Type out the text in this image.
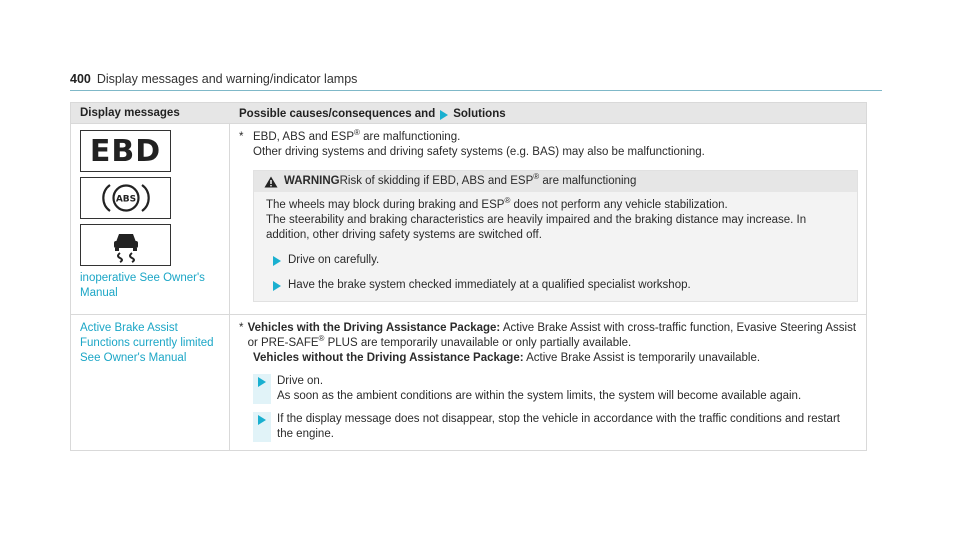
400 Display messages and warning/indicator lamps
Display messages	Possible causes/consequences and Solutions
EBD
ABS
inoperative See Owner's Manual
* EBD, ABS and ESP® are malfunctioning.
Other driving systems and driving safety systems (e.g. BAS) may also be malfunctioning.
WARNING Risk of skidding if EBD, ABS and ESP® are malfunctioning
The wheels may block during braking and ESP® does not perform any vehicle stabilization.
The steerability and braking characteristics are heavily impaired and the braking distance may increase. In addition, other driving safety systems are switched off.
Drive on carefully.
Have the brake system checked immediately at a qualified specialist workshop.
Active Brake Assist Functions currently limited See Owner's Manual
* Vehicles with the Driving Assistance Package: Active Brake Assist with cross-traffic function, Evasive Steering Assist or PRE-SAFE® PLUS are temporarily unavailable or only partially available.
Vehicles without the Driving Assistance Package: Active Brake Assist is temporarily unavailable.
Drive on.
As soon as the ambient conditions are within the system limits, the system will become available again.
If the display message does not disappear, stop the vehicle in accordance with the traffic conditions and restart the engine.
